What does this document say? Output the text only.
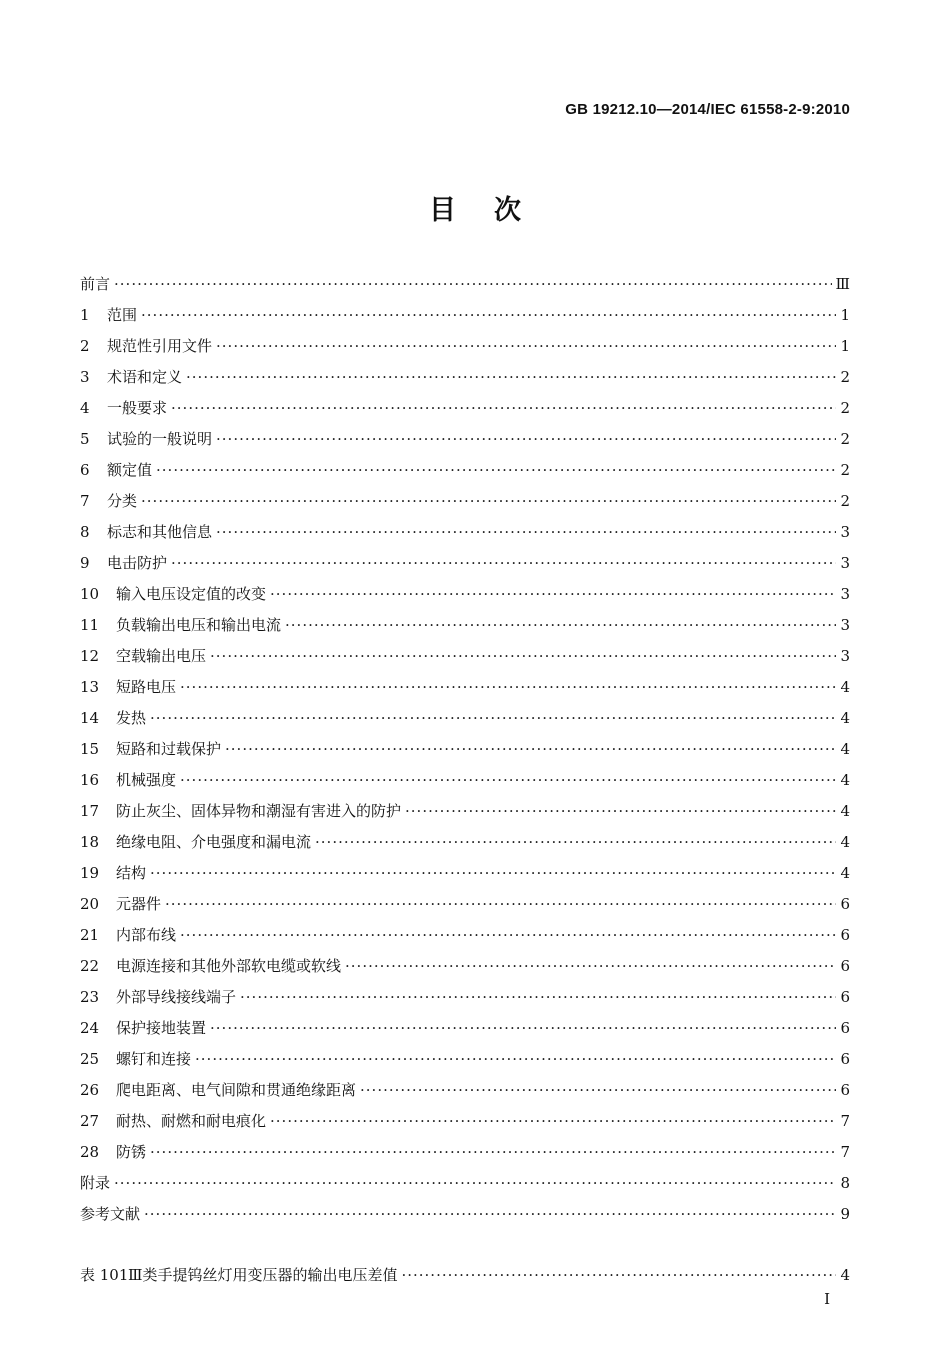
GB 19212.10—2014/IEC 61558-2-9:2010
目次
前言 ·····	Ⅲ
1	范围 ·····	1
2	规范性引用文件 ·····	1
3	术语和定义 ·····	2
4	一般要求 ·····	2
5	试验的一般说明 ·····	2
6	额定值 ·····	2
7	分类 ·····	2
8	标志和其他信息 ·····	3
9	电击防护 ·····	3
10	输入电压设定值的改变 ·····	3
11	负载输出电压和输出电流 ·····	3
12	空载输出电压 ·····	3
13	短路电压 ·····	4
14	发热 ·····	4
15	短路和过载保护 ·····	4
16	机械强度 ·····	4
17	防止灰尘、固体异物和潮湿有害进入的防护 ·····	4
18	绝缘电阻、介电强度和漏电流 ·····	4
19	结构 ·····	4
20	元器件 ·····	6
21	内部布线 ·····	6
22	电源连接和其他外部软电缆或软线 ·····	6
23	外部导线接线端子 ·····	6
24	保护接地装置 ·····	6
25	螺钉和连接 ·····	6
26	爬电距离、电气间隙和贯通绝缘距离 ·····	6
27	耐热、耐燃和耐电痕化 ·····	7
28	防锈 ·····	7
附录 ·····	8
参考文献 ·····	9
表 101 Ⅲ类手提钨丝灯用变压器的输出电压差值 ·····	4
I
